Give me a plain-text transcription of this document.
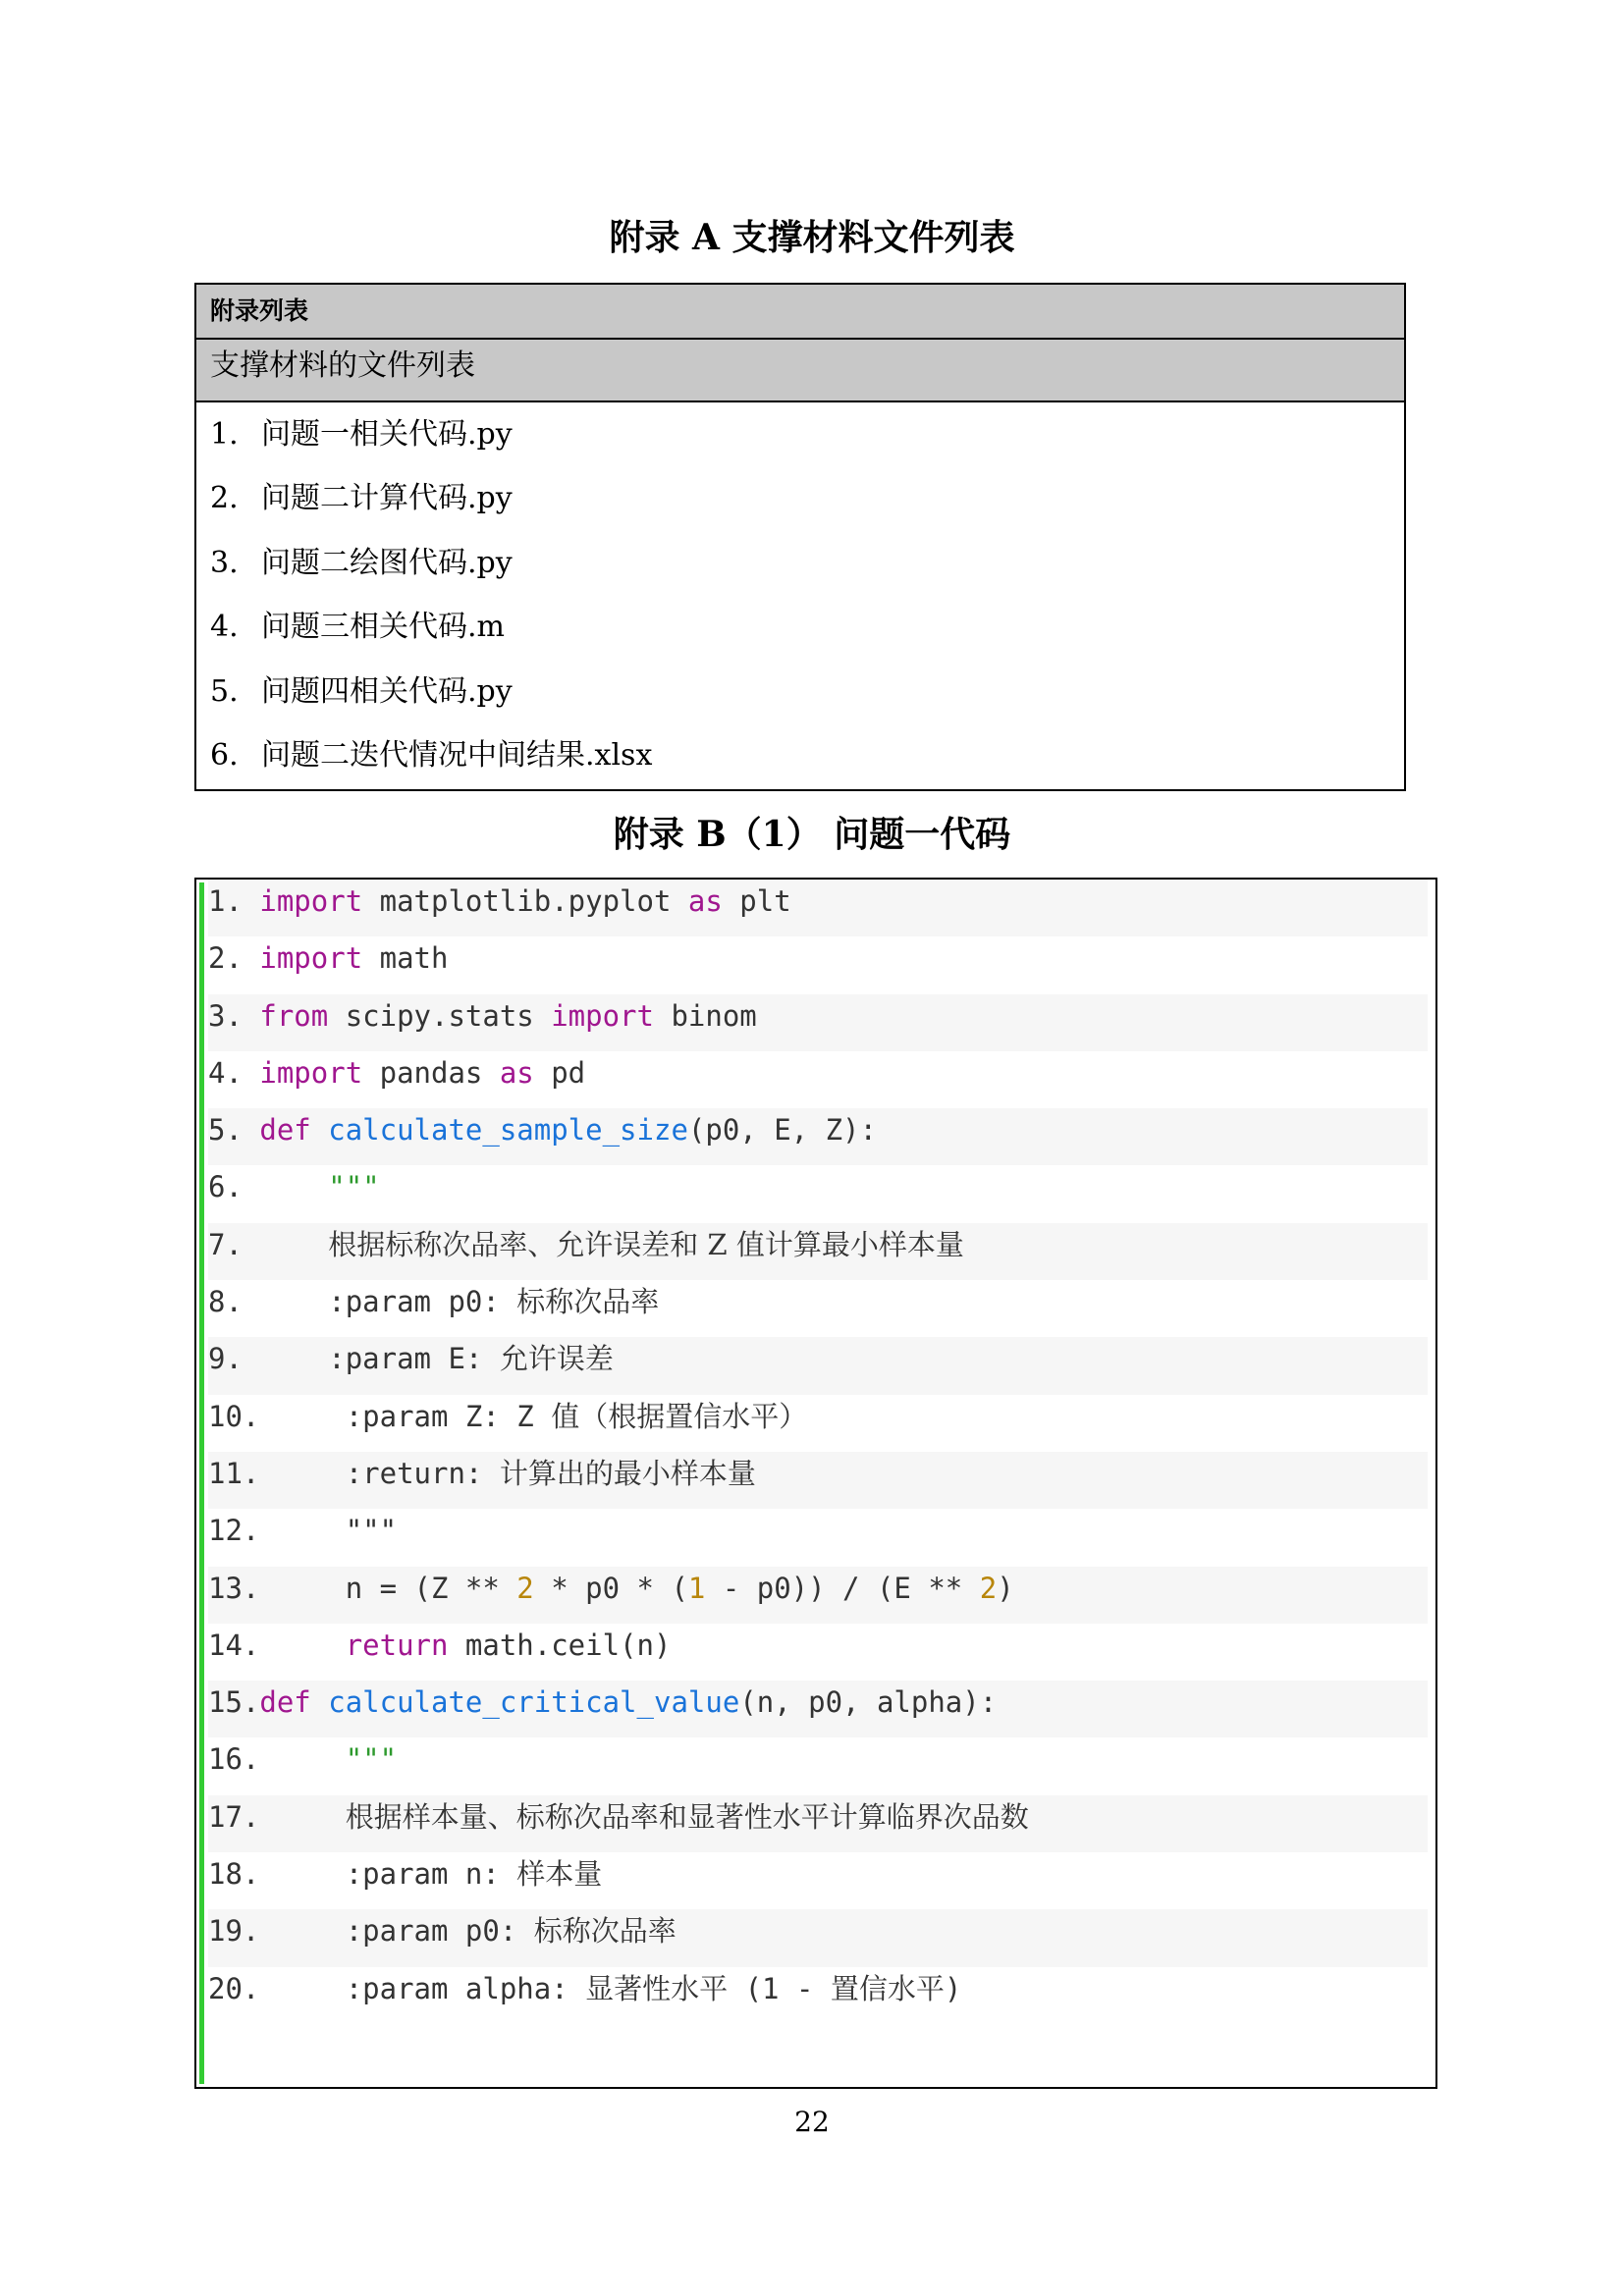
附录 A 支撑材料文件列表
附录列表
支撑材料的文件列表
1. 问题一相关代码.py
2. 问题二计算代码.py
3. 问题二绘图代码.py
4. 问题三相关代码.m
5. 问题四相关代码.py
6. 问题二迭代情况中间结果.xlsx
附录 B（1） 问题一代码
1. import matplotlib.pyplot as plt
2. import math
3. from scipy.stats import binom
4. import pandas as pd
5. def calculate_sample_size(p0, E, Z):
6.     """
7.     根据标称次品率、允许误差和 Z 值计算最小样本量
8.     :param p0: 标称次品率
9.     :param E: 允许误差
10.     :param Z: Z 值（根据置信水平）
11.     :return: 计算出的最小样本量
12.     """
13.     n = (Z ** 2 * p0 * (1 - p0)) / (E ** 2)
14.     return math.ceil(n)
15.def calculate_critical_value(n, p0, alpha):
16.     """
17.     根据样本量、标称次品率和显著性水平计算临界次品数
18.     :param n: 样本量
19.     :param p0: 标称次品率
20.     :param alpha: 显著性水平 (1 - 置信水平)
22
